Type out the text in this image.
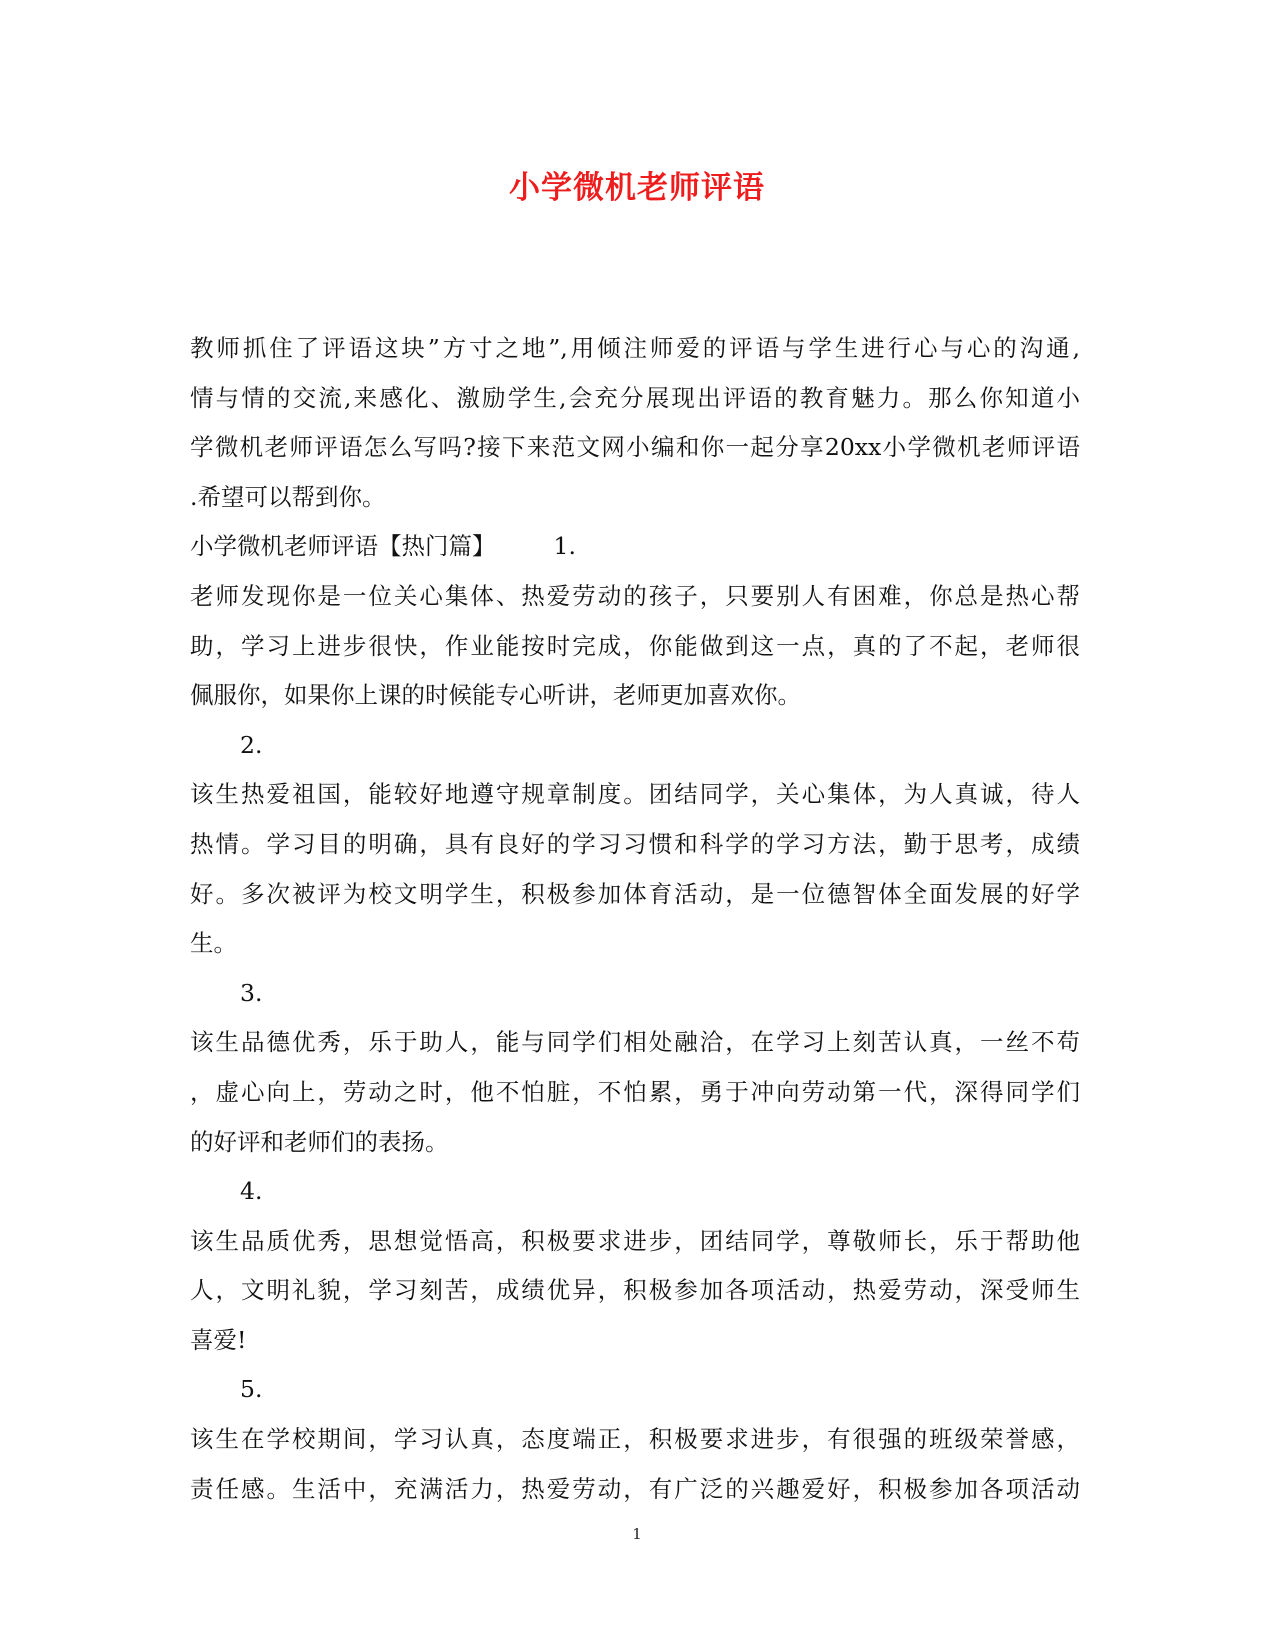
小学微机老师评语
教师抓住了评语这块”方寸之地”,用倾注师爱的评语与学生进行心与心的沟通,
情与情的交流,来感化、激励学生,会充分展现出评语的教育魅力。那么你知道小
学微机老师评语怎么写吗?接下来范文网小编和你一起分享20xx小学微机老师评语
.希望可以帮到你。
小学微机老师评语【热门篇】 1.
老师发现你是一位关心集体、热爱劳动的孩子，只要别人有困难，你总是热心帮
助，学习上进步很快，作业能按时完成，你能做到这一点，真的了不起，老师很
佩服你，如果你上课的时候能专心听讲，老师更加喜欢你。
2.
该生热爱祖国，能较好地遵守规章制度。团结同学，关心集体，为人真诚，待人
热情。学习目的明确，具有良好的学习习惯和科学的学习方法，勤于思考，成绩
好。多次被评为校文明学生，积极参加体育活动，是一位德智体全面发展的好学
生。
3.
该生品德优秀，乐于助人，能与同学们相处融洽，在学习上刻苦认真，一丝不苟
，虚心向上，劳动之时，他不怕脏，不怕累，勇于冲向劳动第一代，深得同学们
的好评和老师们的表扬。
4.
该生品质优秀，思想觉悟高，积极要求进步，团结同学，尊敬师长，乐于帮助他
人，文明礼貌，学习刻苦，成绩优异，积极参加各项活动，热爱劳动，深受师生
喜爱!
5.
该生在学校期间，学习认真，态度端正，积极要求进步，有很强的班级荣誉感，
责任感。生活中，充满活力，热爱劳动，有广泛的兴趣爱好，积极参加各项活动
1
